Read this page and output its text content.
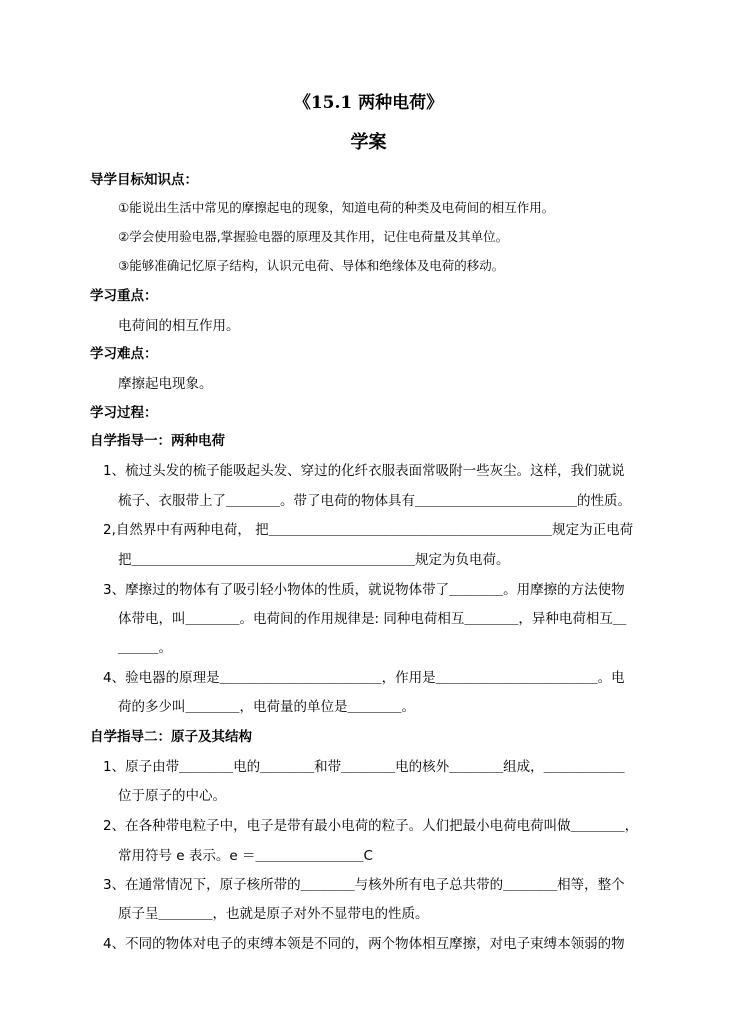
《15.1 两种电荷》
学案
导学目标知识点：
①能说出生活中常见的摩擦起电的现象，知道电荷的种类及电荷间的相互作用。
②学会使用验电器,掌握验电器的原理及其作用，记住电荷量及其单位。
③能够准确记忆原子结构，认识元电荷、导体和绝缘体及电荷的移动。
学习重点：
电荷间的相互作用。
学习难点：
摩擦起电现象。
学习过程：
自学指导一：两种电荷
1、梳过头发的梳子能吸起头发、穿过的化纤衣服表面常吸附一些灰尘。这样，我们就说
梳子、衣服带上了＿＿＿＿。带了电荷的物体具有＿＿＿＿＿＿＿＿＿＿＿＿的性质。
2,自然界中有两种电荷， 把＿＿＿＿＿＿＿＿＿＿＿＿＿＿＿＿＿＿＿＿＿规定为正电荷
把＿＿＿＿＿＿＿＿＿＿＿＿＿＿＿＿＿＿＿＿＿规定为负电荷。
3、摩擦过的物体有了吸引轻小物体的性质，就说物体带了＿＿＿＿。用摩擦的方法使物
体带电，叫＿＿＿＿。电荷间的作用规律是: 同种电荷相互＿＿＿＿，异种电荷相互＿
＿＿＿。
4、验电器的原理是＿＿＿＿＿＿＿＿＿＿＿＿，作用是＿＿＿＿＿＿＿＿＿＿＿＿。电
荷的多少叫＿＿＿＿，电荷量的单位是＿＿＿＿。
自学指导二：原子及其结构
1、原子由带＿＿＿＿电的＿＿＿＿和带＿＿＿＿电的核外＿＿＿＿组成，＿＿＿＿＿＿
位于原子的中心。
2、在各种带电粒子中，电子是带有最小电荷的粒子。人们把最小电荷电荷叫做＿＿＿＿，
常用符号 e 表示。e ＝＿＿＿＿＿＿＿＿C
3、在通常情况下，原子核所带的＿＿＿＿与核外所有电子总共带的＿＿＿＿相等，整个
原子呈＿＿＿＿，也就是原子对外不显带电的性质。
4、不同的物体对电子的束缚本领是不同的，两个物体相互摩擦，对电子束缚本领弱的物
